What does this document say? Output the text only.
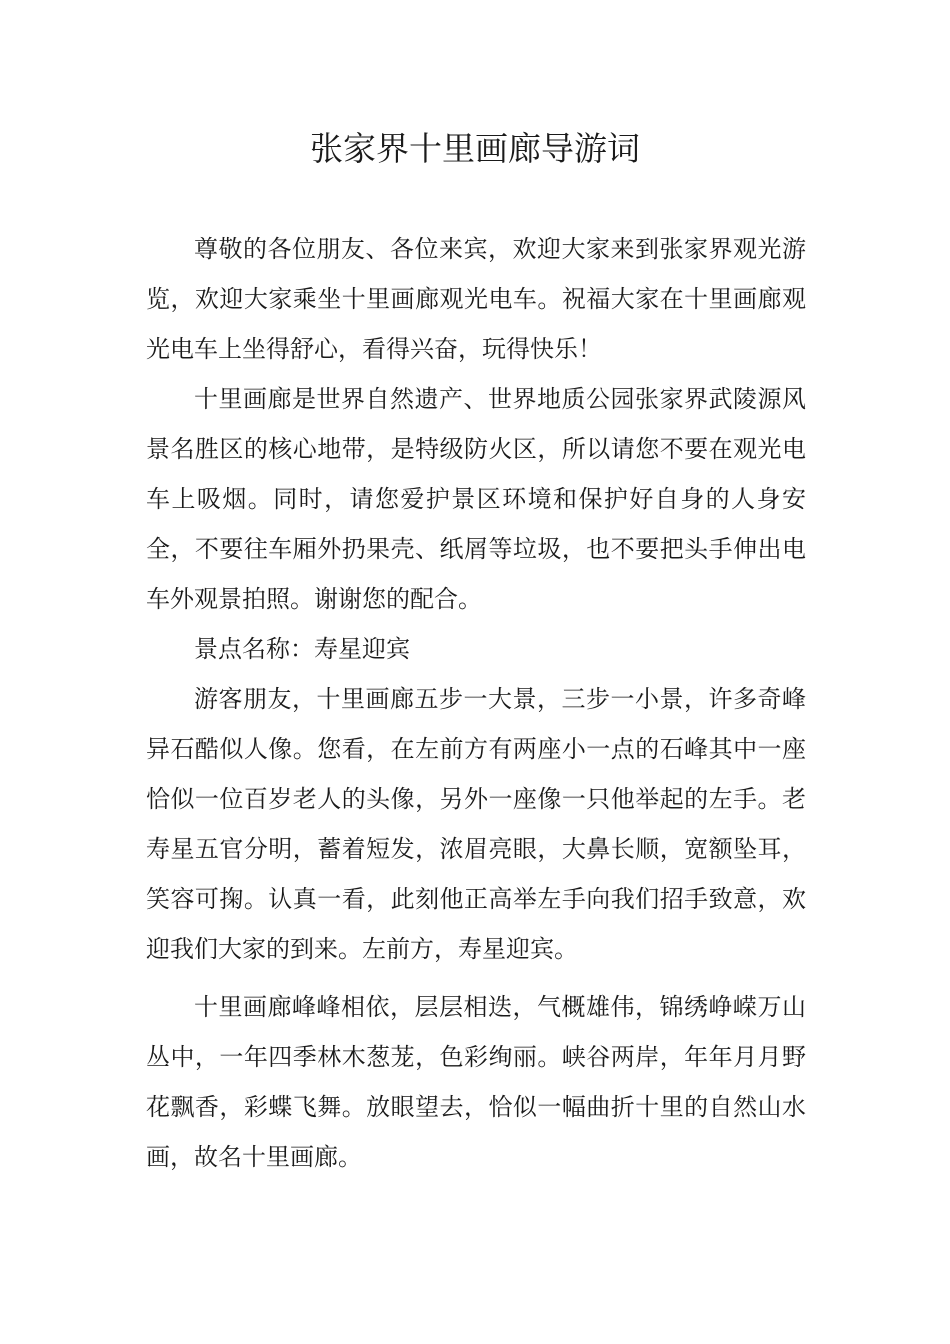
张家界十里画廊导游词

尊敬的各位朋友、各位来宾，欢迎大家来到张家界观光游览，欢迎大家乘坐十里画廊观光电车。祝福大家在十里画廊观光电车上坐得舒心，看得兴奋，玩得快乐！

十里画廊是世界自然遗产、世界地质公园张家界武陵源风景名胜区的核心地带，是特级防火区，所以请您不要在观光电车上吸烟。同时，请您爱护景区环境和保护好自身的人身安全，不要往车厢外扔果壳、纸屑等垃圾，也不要把头手伸出电车外观景拍照。谢谢您的配合。

景点名称：寿星迎宾

游客朋友，十里画廊五步一大景，三步一小景，许多奇峰异石酷似人像。您看，在左前方有两座小一点的石峰其中一座恰似一位百岁老人的头像，另外一座像一只他举起的左手。老寿星五官分明，蓄着短发，浓眉亮眼，大鼻长顺，宽额坠耳，笑容可掬。认真一看，此刻他正高举左手向我们招手致意，欢迎我们大家的到来。左前方，寿星迎宾。

十里画廊峰峰相依，层层相迭，气概雄伟，锦绣峥嵘万山丛中，一年四季林木葱茏，色彩绚丽。峡谷两岸，年年月月野花飘香，彩蝶飞舞。放眼望去，恰似一幅曲折十里的自然山水画，故名十里画廊。
